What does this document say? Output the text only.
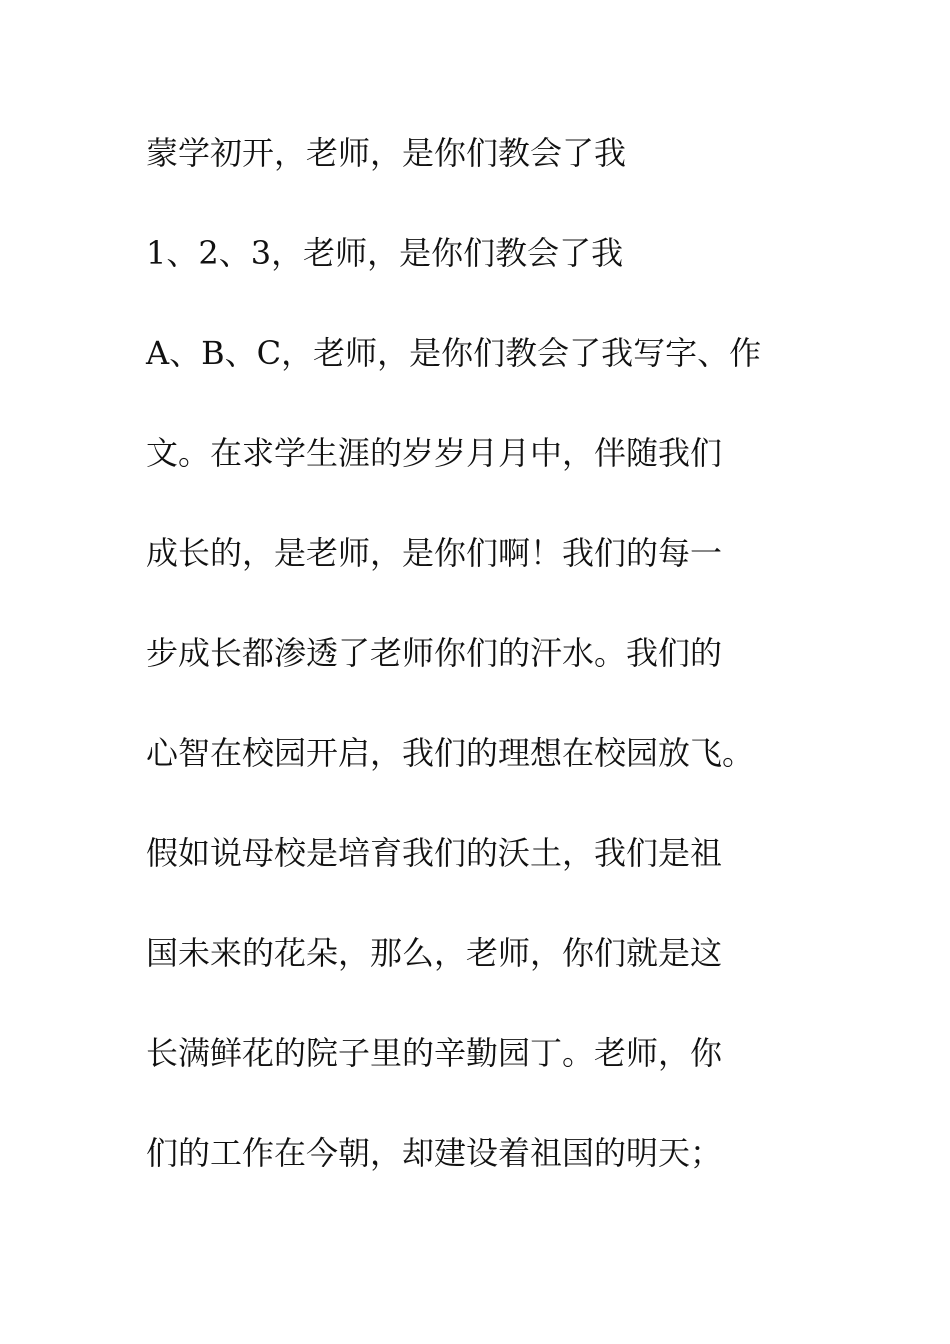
蒙学初开，老师，是你们教会了我
1、2、3，老师，是你们教会了我
A、B、C，老师，是你们教会了我写字、作
文。在求学生涯的岁岁月月中，伴随我们
成长的，是老师，是你们啊！我们的每一
步成长都渗透了老师你们的汗水。我们的
心智在校园开启，我们的理想在校园放飞。
假如说母校是培育我们的沃土，我们是祖
国未来的花朵，那么，老师，你们就是这
长满鲜花的院子里的辛勤园丁。老师，你
们的工作在今朝，却建设着祖国的明天；
